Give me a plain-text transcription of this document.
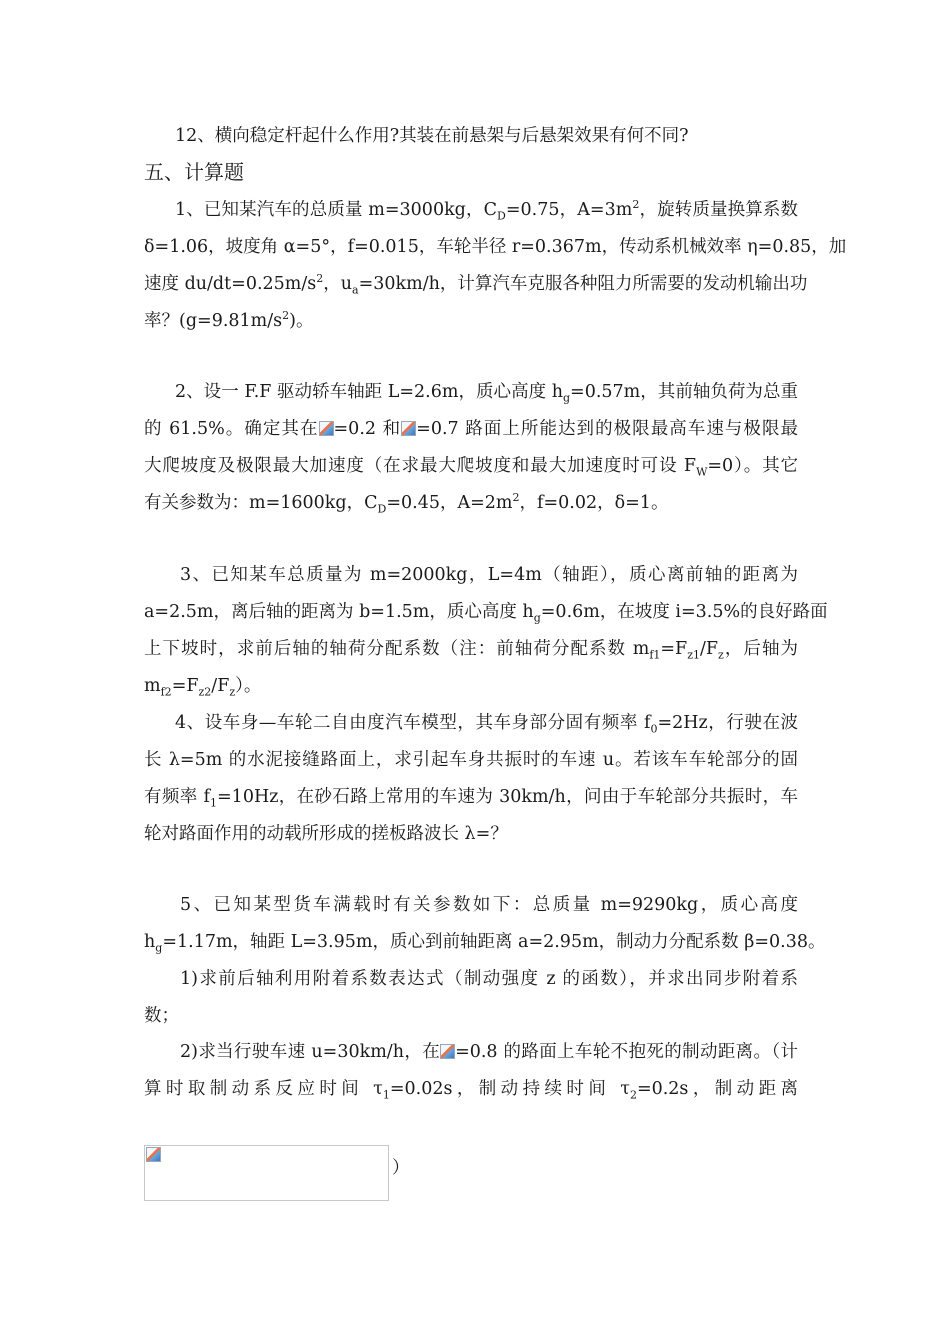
12、横向稳定杆起什么作用?其装在前悬架与后悬架效果有何不同?
五、计算题
1、已知某汽车的总质量 m=3000kg，$C_D=0.75$，$A=3m^2$，旋转质量换算系数
δ=1.06，坡度角 α=5°，f=0.015，车轮半径 r=0.367m，传动系机械效率 η=0.85，加
速度 $du/dt=0.25m/s^2$，$u_a=30km/h$，计算汽车克服各种阻力所需要的发动机输出功
率？$(g=9.81m/s^2)$。
2、设一 F.F 驱动轿车轴距 L=2.6m，质心高度 $h_g=0.57m$，其前轴负荷为总重
的 61.5%。确定其在 =0.2 和 =0.7 路面上所能达到的极限最高车速与极限最
大爬坡度及极限最大加速度（在求最大爬坡度和最大加速度时可设 $F_W=0$）。其它
有关参数为：m=1600kg，$C_D=0.45$，$A=2m^2$，f=0.02，δ=1。
3、已知某车总质量为 m=2000kg，L=4m（轴距），质心离前轴的距离为
a=2.5m，离后轴的距离为 b=1.5m，质心高度 $h_g=0.6m$，在坡度 i=3.5%的良好路面
上下坡时，求前后轴的轴荷分配系数（注：前轴荷分配系数 $m_{f1}=F_{z1}/F_z$，后轴为
$m_{f2}=F_{z2}/F_z$）。
4、设车身—车轮二自由度汽车模型，其车身部分固有频率 $f_0=2Hz$，行驶在波
长 λ=5m 的水泥接缝路面上，求引起车身共振时的车速 u。若该车车轮部分的固
有频率 $f_1=10Hz$，在砂石路上常用的车速为 30km/h，问由于车轮部分共振时，车
轮对路面作用的动载所形成的搓板路波长 λ=？
5、已知某型货车满载时有关参数如下：总质量 m=9290kg，质心高度
$h_g=1.17m$，轴距 L=3.95m，质心到前轴距离 a=2.95m，制动力分配系数 β=0.38。
1)求前后轴利用附着系数表达式（制动强度 z 的函数），并求出同步附着系
数；
2)求当行驶车速 u=30km/h，在 =0.8 的路面上车轮不抱死的制动距离。（计
算时取制动系反应时间 $\tau_1=0.02s$，制动持续时间 $\tau_2=0.2s$，制动距离
）
